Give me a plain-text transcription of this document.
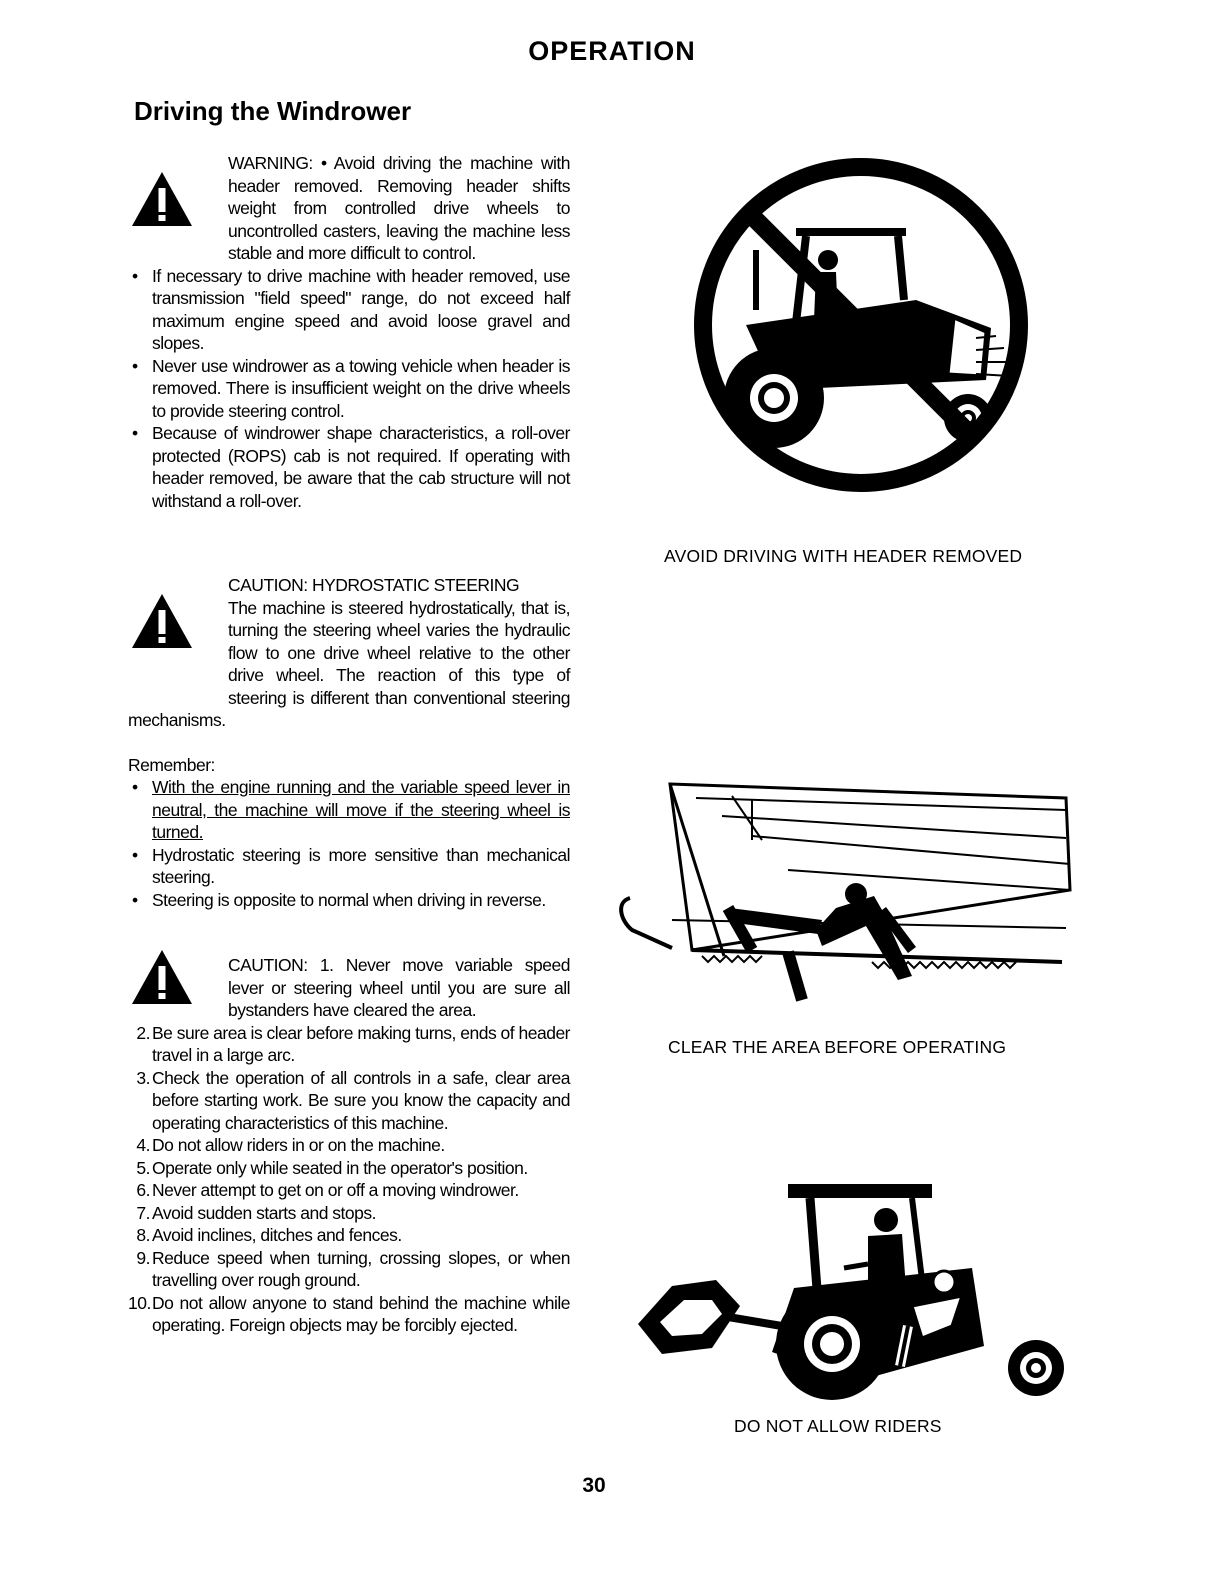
OPERATION
Driving the Windrower
WARNING: • Avoid driving the machine with header removed. Removing header shifts weight from controlled drive wheels to uncontrolled casters, leaving the machine less stable and more difficult to control.
• If necessary to drive machine with header removed, use transmission "field speed" range, do not exceed half maximum engine speed and avoid loose gravel and slopes.
• Never use windrower as a towing vehicle when header is removed. There is insufficient weight on the drive wheels to provide steering control.
• Because of windrower shape characteristics, a roll-over protected (ROPS) cab is not required. If operating with header removed, be aware that the cab structure will not withstand a roll-over.
CAUTION: HYDROSTATIC STEERING
The machine is steered hydrostatically, that is, turning the steering wheel varies the hydraulic flow to one drive wheel relative to the other drive wheel. The reaction of this type of steering is different than conventional steering mechanisms.
Remember:
• With the engine running and the variable speed lever in neutral, the machine will move if the steering wheel is turned.
• Hydrostatic steering is more sensitive than mechanical steering.
• Steering is opposite to normal when driving in reverse.
CAUTION: 1. Never move variable speed lever or steering wheel until you are sure all bystanders have cleared the area.
2. Be sure area is clear before making turns, ends of header travel in a large arc.
3. Check the operation of all controls in a safe, clear area before starting work. Be sure you know the capacity and operating characteristics of this machine.
4. Do not allow riders in or on the machine.
5. Operate only while seated in the operator's position.
6. Never attempt to get on or off a moving windrower.
7. Avoid sudden starts and stops.
8. Avoid inclines, ditches and fences.
9. Reduce speed when turning, crossing slopes, or when travelling over rough ground.
10. Do not allow anyone to stand behind the machine while operating. Foreign objects may be forcibly ejected.
AVOID DRIVING WITH HEADER REMOVED
CLEAR THE AREA BEFORE OPERATING
DO NOT ALLOW RIDERS
30
